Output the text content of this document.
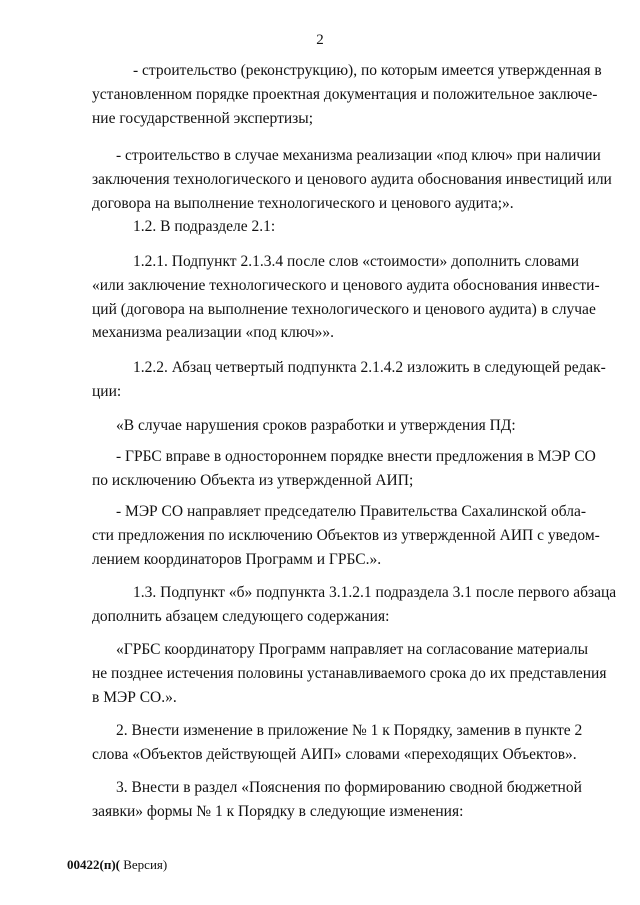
2
- строительство (реконструкцию), по которым имеется утвержденная в
установленном порядке проектная документация и положительное заключе-
ние государственной экспертизы;
- строительство в случае механизма реализации «под ключ» при наличии
заключения технологического и ценового аудита обоснования инвестиций или
договора на выполнение технологического и ценового аудита;».
1.2. В подразделе 2.1:
1.2.1. Подпункт 2.1.3.4 после слов «стоимости» дополнить словами
«или заключение технологического и ценового аудита обоснования инвести-
ций (договора на выполнение технологического и ценового аудита) в случае
механизма реализации «под ключ»».
1.2.2. Абзац четвертый подпункта 2.1.4.2 изложить в следующей редак-
ции:
«В случае нарушения сроков разработки и утверждения ПД:
- ГРБС вправе в одностороннем порядке внести предложения в МЭР СО
по исключению Объекта из утвержденной АИП;
- МЭР СО направляет председателю Правительства Сахалинской обла-
сти предложения по исключению Объектов из утвержденной АИП с уведом-
лением координаторов Программ и ГРБС.».
1.3. Подпункт «б» подпункта 3.1.2.1 подраздела 3.1 после первого абзаца
дополнить абзацем следующего содержания:
«ГРБС координатору Программ направляет на согласование материалы
не позднее истечения половины устанавливаемого срока до их представления
в МЭР СО.».
2. Внести изменение в приложение № 1 к Порядку, заменив в пункте 2
слова «Объектов действующей АИП» словами «переходящих Объектов».
3. Внести в раздел «Пояснения по формированию сводной бюджетной
заявки» формы № 1 к Порядку в следующие изменения:
00422(п)( Версия)
